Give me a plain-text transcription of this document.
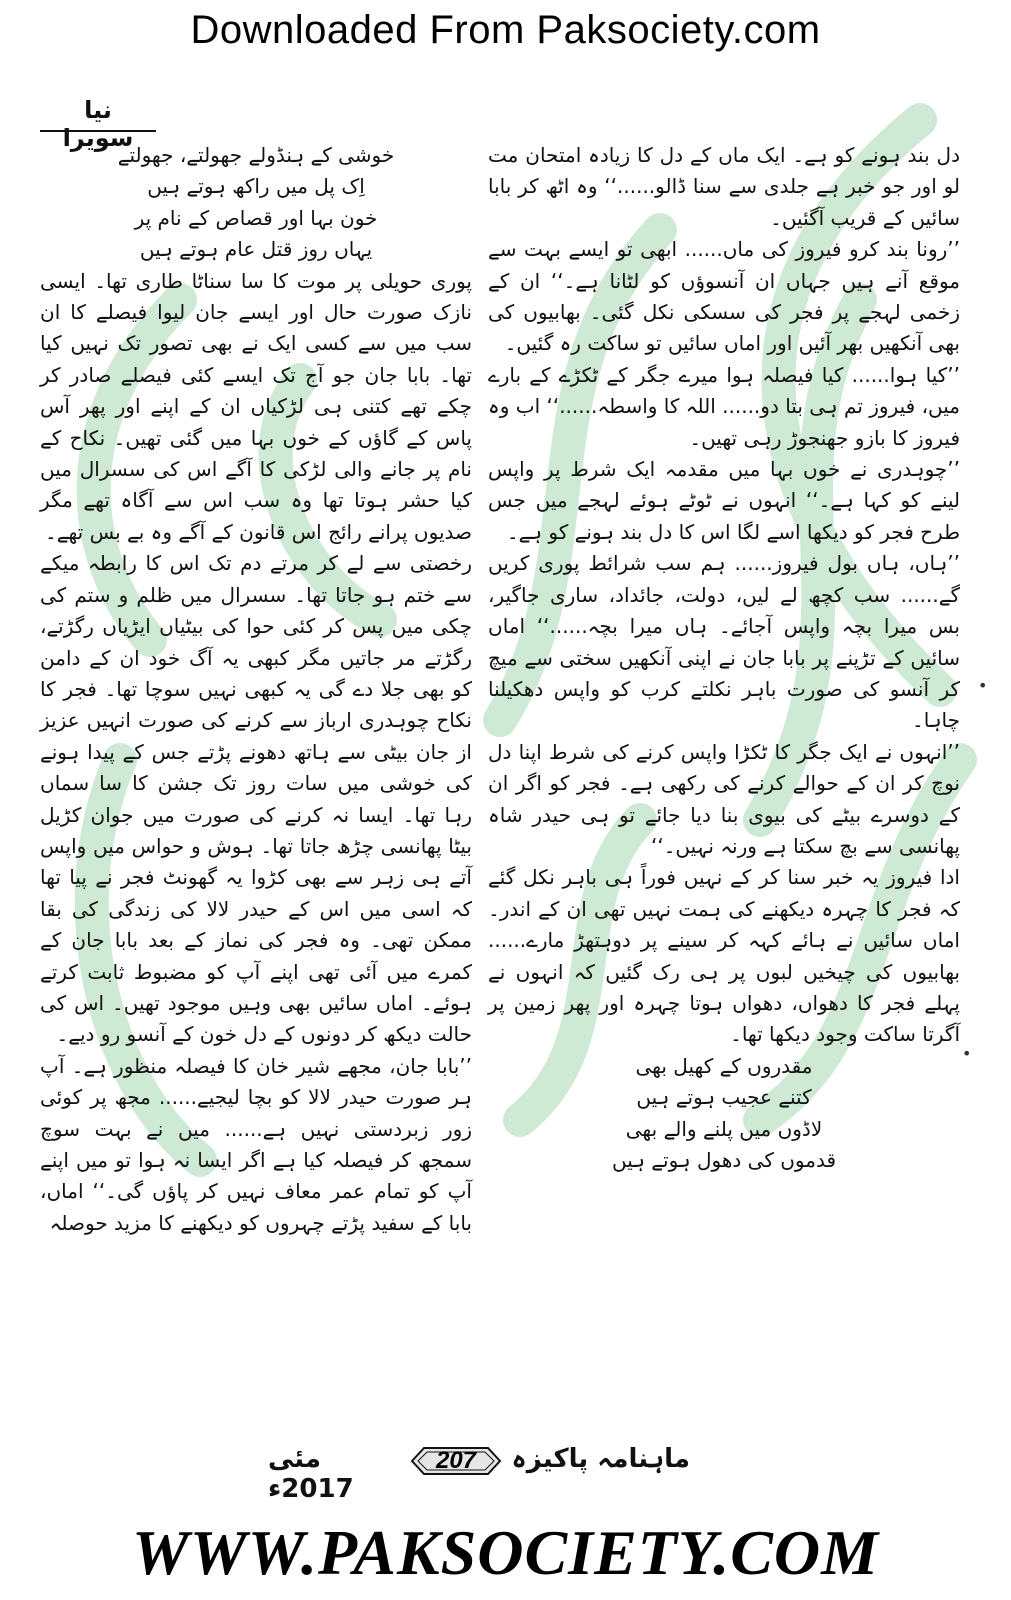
Downloaded From Paksociety.com
نیا سویرا

دل بند ہونے کو ہے۔ ایک ماں کے دل کا زیادہ امتحان مت لو اور جو خبر ہے جلدی سے سنا ڈالو......‘‘ وہ اٹھ کر بابا سائیں کے قریب آگئیں۔

’’رونا بند کرو فیروز کی ماں...... ابھی تو ایسے بہت سے موقع آنے ہیں جہاں ان آنسوؤں کو لٹانا ہے۔‘‘ ان کے زخمی لہجے پر فجر کی سسکی نکل گئی۔ بھابیوں کی بھی آنکھیں بھر آئیں اور اماں سائیں تو ساکت رہ گئیں۔

’’کیا ہوا...... کیا فیصلہ ہوا میرے جگر کے ٹکڑے کے بارے میں، فیروز تم ہی بتا دو...... اللہ کا واسطہ......‘‘ اب وہ فیروز کا بازو جھنجوڑ رہی تھیں۔

’’چوہدری نے خوں بہا میں مقدمہ ایک شرط پر واپس لینے کو کہا ہے۔‘‘ انہوں نے ٹوٹے ہوئے لہجے میں جس طرح فجر کو دیکھا اسے لگا اس کا دل بند ہونے کو ہے۔

’’ہاں، ہاں بول فیروز...... ہم سب شرائط پوری کریں گے...... سب کچھ لے لیں، دولت، جائداد، ساری جاگیر، بس میرا بچہ واپس آجائے۔ ہاں میرا بچہ......‘‘ اماں سائیں کے تڑپنے پر بابا جان نے اپنی آنکھیں سختی سے میچ کر آنسو کی صورت باہر نکلتے کرب کو واپس دھکیلنا چاہا۔

’’انہوں نے ایک جگر کا ٹکڑا واپس کرنے کی شرط اپنا دل نوچ کر ان کے حوالے کرنے کی رکھی ہے۔ فجر کو اگر ان کے دوسرے بیٹے کی بیوی بنا دیا جائے تو ہی حیدر شاہ پھانسی سے بچ سکتا ہے ورنہ نہیں۔‘‘

ادا فیروز یہ خبر سنا کر کے نہیں فوراً ہی باہر نکل گئے کہ فجر کا چہرہ دیکھنے کی ہمت نہیں تھی ان کے اندر۔ اماں سائیں نے ہائے کہہ کر سینے پر دوہتھڑ مارے...... بھابیوں کی چیخیں لبوں پر ہی رک گئیں کہ انہوں نے پہلے فجر کا دھواں، دھواں ہوتا چہرہ اور پھر زمین پر آگرتا ساکت وجود دیکھا تھا۔

مقدروں کے کھیل بھی

کتنے عجیب ہوتے ہیں

لاڈوں میں پلنے والے بھی

قدموں کی دھول ہوتے ہیں

خوشی کے ہنڈولے جھولتے، جھولتے

اِک پل میں راکھ ہوتے ہیں

خون بہا اور قصاص کے نام پر

یہاں روز قتل عام ہوتے ہیں

پوری حویلی پر موت کا سا سناٹا طاری تھا۔ ایسی نازک صورت حال اور ایسے جان لیوا فیصلے کا ان سب میں سے کسی ایک نے بھی تصور تک نہیں کیا تھا۔ بابا جان جو آج تک ایسے کئی فیصلے صادر کر چکے تھے کتنی ہی لڑکیاں ان کے اپنے اور پھر آس پاس کے گاؤں کے خوں بہا میں گئی تھیں۔ نکاح کے نام پر جانے والی لڑکی کا آگے اس کی سسرال میں کیا حشر ہوتا تھا وہ سب اس سے آگاہ تھے مگر صدیوں پرانے رائج اس قانون کے آگے وہ بے بس تھے۔

رخصتی سے لے کر مرتے دم تک اس کا رابطہ میکے سے ختم ہو جاتا تھا۔ سسرال میں ظلم و ستم کی چکی میں پس کر کئی حوا کی بیٹیاں ایڑیاں رگڑتے، رگڑتے مر جاتیں مگر کبھی یہ آگ خود ان کے دامن کو بھی جلا دے گی یہ کبھی نہیں سوچا تھا۔ فجر کا نکاح چوہدری ارباز سے کرنے کی صورت انہیں عزیز از جان بیٹی سے ہاتھ دھونے پڑتے جس کے پیدا ہونے کی خوشی میں سات روز تک جشن کا سا سماں رہا تھا۔ ایسا نہ کرنے کی صورت میں جوان کڑیل بیٹا پھانسی چڑھ جاتا تھا۔ ہوش و حواس میں واپس آتے ہی زہر سے بھی کڑوا یہ گھونٹ فجر نے پیا تھا کہ اسی میں اس کے حیدر لالا کی زندگی کی بقا ممکن تھی۔ وہ فجر کی نماز کے بعد بابا جان کے کمرے میں آئی تھی اپنے آپ کو مضبوط ثابت کرتے ہوئے۔ اماں سائیں بھی وہیں موجود تھیں۔ اس کی حالت دیکھ کر دونوں کے دل خون کے آنسو رو دیے۔

’’بابا جان، مجھے شیر خان کا فیصلہ منظور ہے۔ آپ ہر صورت حیدر لالا کو بچا لیجیے...... مجھ پر کوئی زور زبردستی نہیں ہے...... میں نے بہت سوچ سمجھ کر فیصلہ کیا ہے اگر ایسا نہ ہوا تو میں اپنے آپ کو تمام عمر معاف نہیں کر پاؤں گی۔‘‘ اماں، بابا کے سفید پڑتے چہروں کو دیکھنے کا مزید حوصلہ

•
•
ماہنامہ پاکیزہ
207
مئی 2017ء
WWW.PAKSOCIETY.COM
